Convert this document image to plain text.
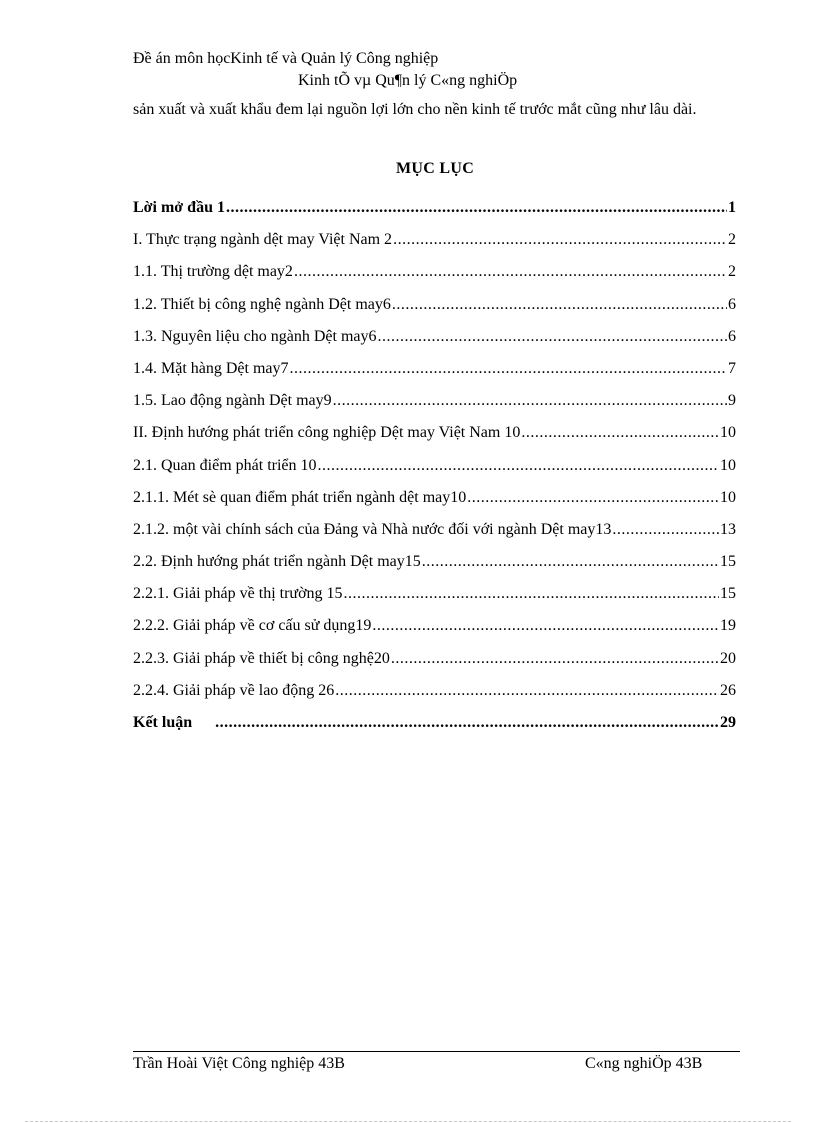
Đề án môn họcKinh tế và Quản lý Công nghiệp
Kinh tÕ vµ Qu¶n lý C«ng nghiÖp

sản xuất và xuất khẩu đem lại nguồn lợi lớn cho nền kinh tế trước mắt cũng như lâu dài.

MỤC LỤC
Lời mở đầu 1 .....	1
I. Thực trạng ngành dệt may Việt Nam 2 .....	2
1.1. Thị trường dệt may2 .....	2
1.2. Thiết bị công nghệ ngành Dệt may6 .....	6
1.3. Nguyên liệu cho ngành Dệt may6 .....	6
1.4. Mặt hàng Dệt may7 .....	7
1.5. Lao động ngành Dệt may9 .....	9
II. Định hướng phát triển công nghiệp Dệt may Việt Nam 10 .....	10
2.1. Quan điểm phát triển 10 .....	10
2.1.1. Mét sè quan điểm phát triển ngành dệt may10 .....	10
2.1.2. một vài chính sách của Đảng và Nhà nước đối với ngành Dệt may13 .....	13
2.2. Định hướng phát triển ngành Dệt may15 .....	15
2.2.1. Giải pháp về thị trường 15 .....	15
2.2.2. Giải pháp về cơ cấu sử dụng19 .....	19
2.2.3. Giải pháp về thiết bị công nghệ20 .....	20
2.2.4. Giải pháp về lao động 26 .....	26
Kết luận .....	29
Trần Hoài Việt Công nghiệp 43B	C«ng nghiÖp 43B
